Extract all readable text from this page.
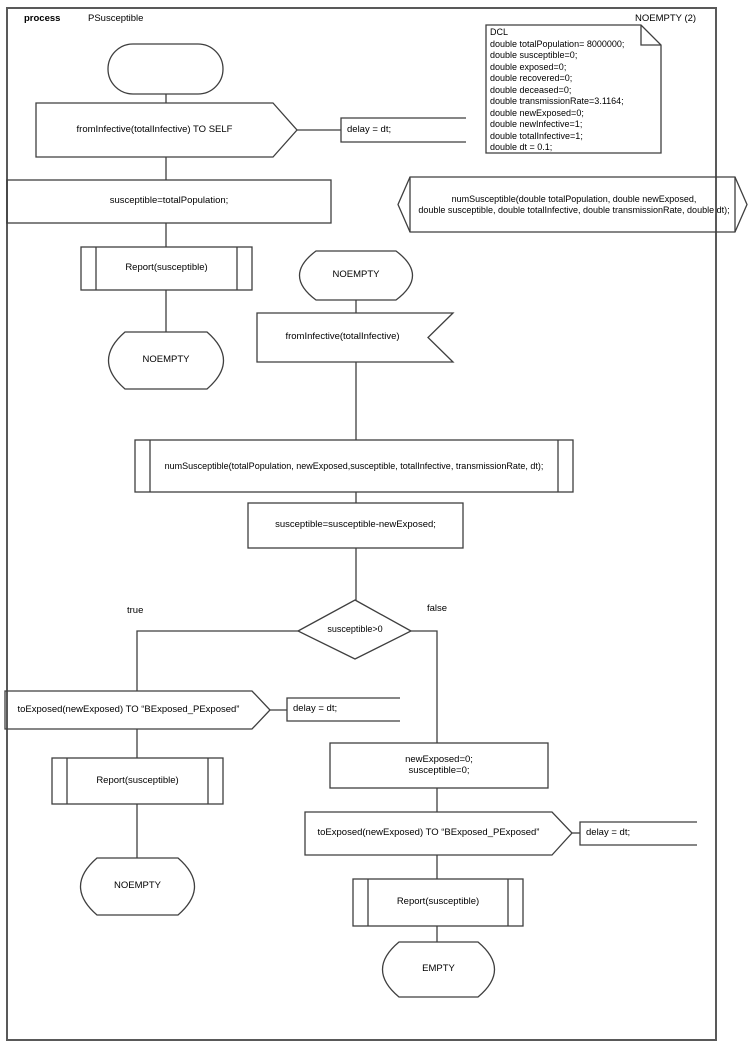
process	PSusceptible	NOEMPTY (2)
DCL
double totalPopulation= 8000000;
double susceptible=0;
double exposed=0;
double recovered=0;
double deceased=0;
double transmissionRate=3.1164;
double newExposed=0;
double newInfective=1;
double totalInfective=1;
double dt = 0.1;
fromInfective(totalInfective) TO SELF	delay = dt;
susceptible=totalPopulation;
Report(susceptible)
NOEMPTY
NOEMPTY
fromInfective(totalInfective)
numSusceptible(double totalPopulation, double newExposed,
double susceptible, double totalInfective, double transmissionRate, double dt);
numSusceptible(totalPopulation, newExposed,susceptible, totalInfective, transmissionRate, dt);
susceptible=susceptible-newExposed;
susceptible>0
true	false
toExposed(newExposed) TO “BExposed_PExposed”	delay = dt;
Report(susceptible)
NOEMPTY
newExposed=0;
susceptible=0;
toExposed(newExposed) TO “BExposed_PExposed”	delay = dt;
Report(susceptible)
EMPTY
